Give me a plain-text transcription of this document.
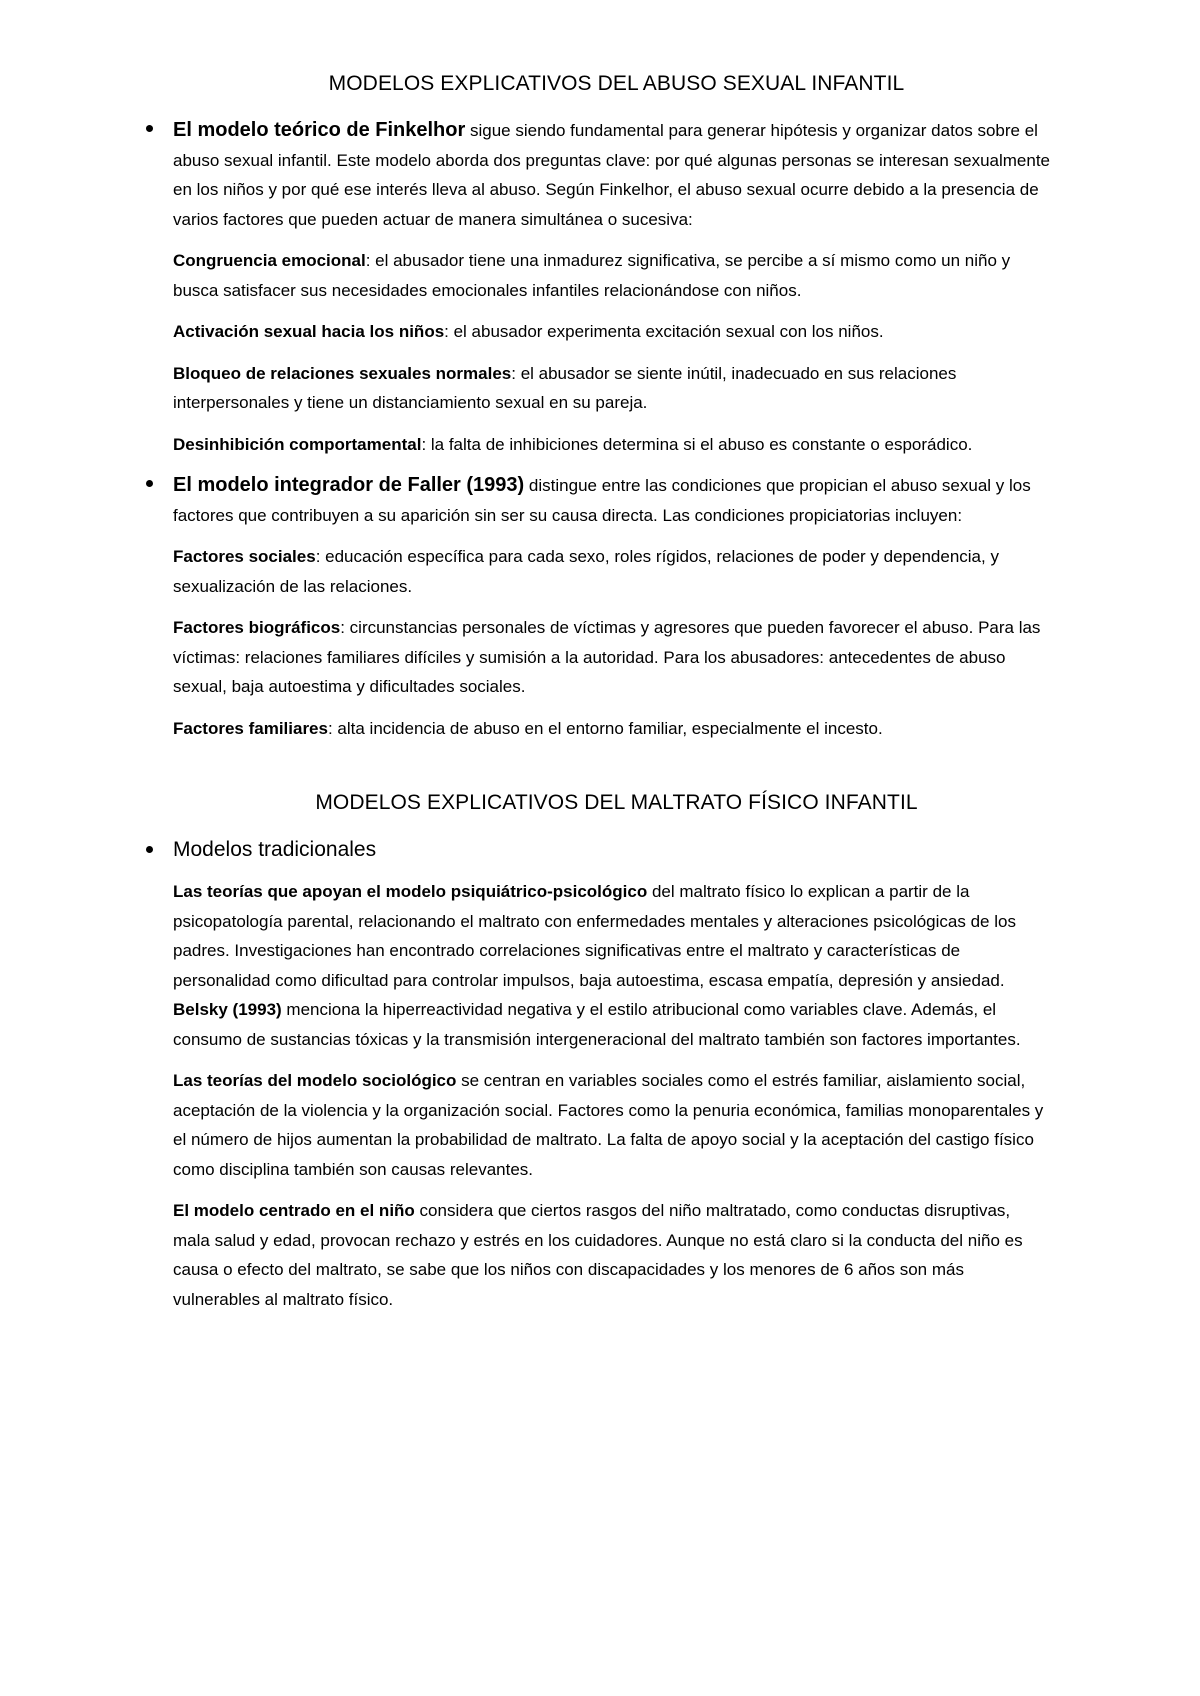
MODELOS EXPLICATIVOS DEL ABUSO SEXUAL INFANTIL

El modelo teórico de Finkelhor sigue siendo fundamental para generar hipótesis y organizar datos sobre el abuso sexual infantil. Este modelo aborda dos preguntas clave: por qué algunas personas se interesan sexualmente en los niños y por qué ese interés lleva al abuso. Según Finkelhor, el abuso sexual ocurre debido a la presencia de varios factores que pueden actuar de manera simultánea o sucesiva:

Congruencia emocional: el abusador tiene una inmadurez significativa, se percibe a sí mismo como un niño y busca satisfacer sus necesidades emocionales infantiles relacionándose con niños.

Activación sexual hacia los niños: el abusador experimenta excitación sexual con los niños.

Bloqueo de relaciones sexuales normales: el abusador se siente inútil, inadecuado en sus relaciones interpersonales y tiene un distanciamiento sexual en su pareja.

Desinhibición comportamental: la falta de inhibiciones determina si el abuso es constante o esporádico.

El modelo integrador de Faller (1993) distingue entre las condiciones que propician el abuso sexual y los factores que contribuyen a su aparición sin ser su causa directa. Las condiciones propiciatorias incluyen:

Factores sociales: educación específica para cada sexo, roles rígidos, relaciones de poder y dependencia, y sexualización de las relaciones.

Factores biográficos: circunstancias personales de víctimas y agresores que pueden favorecer el abuso. Para las víctimas: relaciones familiares difíciles y sumisión a la autoridad. Para los abusadores: antecedentes de abuso sexual, baja autoestima y dificultades sociales.

Factores familiares: alta incidencia de abuso en el entorno familiar, especialmente el incesto.

MODELOS EXPLICATIVOS DEL MALTRATO FÍSICO INFANTIL

Modelos tradicionales

Las teorías que apoyan el modelo psiquiátrico-psicológico del maltrato físico lo explican a partir de la psicopatología parental, relacionando el maltrato con enfermedades mentales y alteraciones psicológicas de los padres. Investigaciones han encontrado correlaciones significativas entre el maltrato y características de personalidad como dificultad para controlar impulsos, baja autoestima, escasa empatía, depresión y ansiedad. Belsky (1993) menciona la hiperreactividad negativa y el estilo atribucional como variables clave. Además, el consumo de sustancias tóxicas y la transmisión intergeneracional del maltrato también son factores importantes.

Las teorías del modelo sociológico se centran en variables sociales como el estrés familiar, aislamiento social, aceptación de la violencia y la organización social. Factores como la penuria económica, familias monoparentales y el número de hijos aumentan la probabilidad de maltrato. La falta de apoyo social y la aceptación del castigo físico como disciplina también son causas relevantes.

El modelo centrado en el niño considera que ciertos rasgos del niño maltratado, como conductas disruptivas, mala salud y edad, provocan rechazo y estrés en los cuidadores. Aunque no está claro si la conducta del niño es causa o efecto del maltrato, se sabe que los niños con discapacidades y los menores de 6 años son más vulnerables al maltrato físico.
